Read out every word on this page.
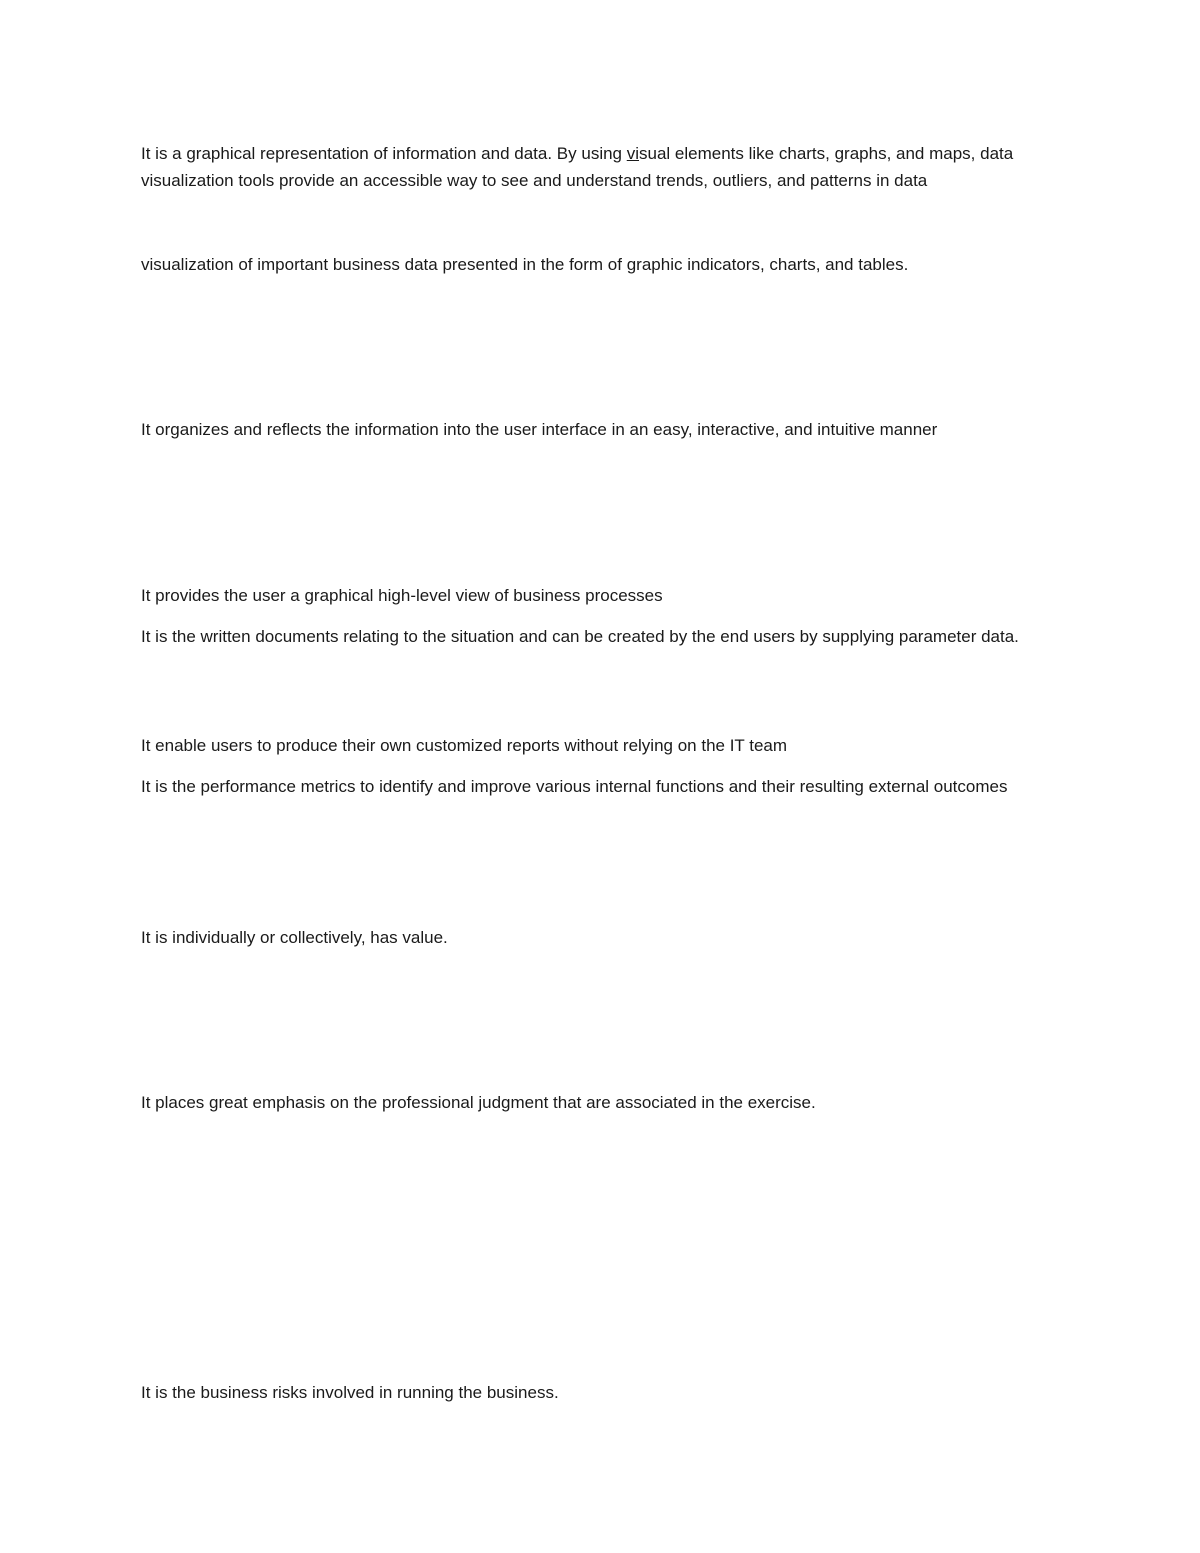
It is a graphical representation of information and data. By using visual elements like charts, graphs, and maps, data visualization tools provide an accessible way to see and understand trends, outliers, and patterns in data

visualization of important business data presented in the form of graphic indicators, charts, and tables.

It organizes and reflects the information into the user interface in an easy, interactive, and intuitive manner

It provides the user a graphical high-level view of business processes

It is the written documents relating to the situation and can be created by the end users by supplying parameter data.

It enable users to produce their own customized reports without relying on the IT team

It is the performance metrics to identify and improve various internal functions and their resulting external outcomes

It is individually or collectively, has value.

It places great emphasis on the professional judgment that are associated in the exercise.

It is the business risks involved in running the business.
